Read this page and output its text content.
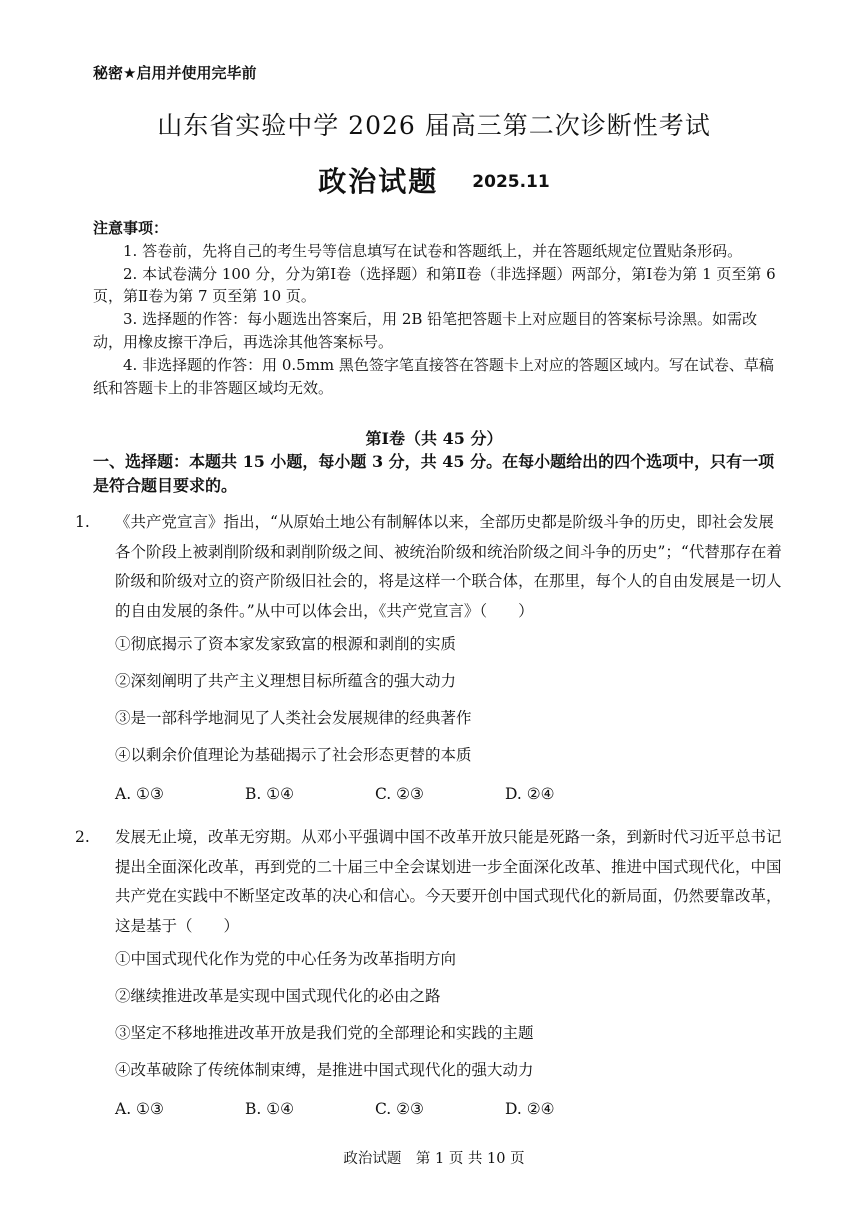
秘密★启用并使用完毕前
山东省实验中学 2026 届高三第二次诊断性考试
政治试题 2025.11
注意事项：

1. 答卷前，先将自己的考生号等信息填写在试卷和答题纸上，并在答题纸规定位置贴条形码。

2. 本试卷满分 100 分，分为第Ⅰ卷（选择题）和第Ⅱ卷（非选择题）两部分，第Ⅰ卷为第 1 页至第 6 页，第Ⅱ卷为第 7 页至第 10 页。

3. 选择题的作答：每小题选出答案后，用 2B 铅笔把答题卡上对应题目的答案标号涂黑。如需改动，用橡皮擦干净后，再选涂其他答案标号。

4. 非选择题的作答：用 0.5mm 黑色签字笔直接答在答题卡上对应的答题区域内。写在试卷、草稿纸和答题卡上的非答题区域均无效。

第Ⅰ卷（共 45 分）
一、选择题：本题共 15 小题，每小题 3 分，共 45 分。在每小题给出的四个选项中，只有一项是符合题目要求的。
1. 《共产党宣言》指出，“从原始土地公有制解体以来，全部历史都是阶级斗争的历史，即社会发展各个阶段上被剥削阶级和剥削阶级之间、被统治阶级和统治阶级之间斗争的历史”；“代替那存在着阶级和阶级对立的资产阶级旧社会的，将是这样一个联合体，在那里，每个人的自由发展是一切人的自由发展的条件。”从中可以体会出，《共产党宣言》（　　）
①彻底揭示了资本家发家致富的根源和剥削的实质
②深刻阐明了共产主义理想目标所蕴含的强大动力
③是一部科学地洞见了人类社会发展规律的经典著作
④以剩余价值理论为基础揭示了社会形态更替的本质
A. ①③	B. ①④	C. ②③	D. ②④
2. 发展无止境，改革无穷期。从邓小平强调中国不改革开放只能是死路一条，到新时代习近平总书记提出全面深化改革，再到党的二十届三中全会谋划进一步全面深化改革、推进中国式现代化，中国共产党在实践中不断坚定改革的决心和信心。今天要开创中国式现代化的新局面，仍然要靠改革，这是基于（　　）
①中国式现代化作为党的中心任务为改革指明方向
②继续推进改革是实现中国式现代化的必由之路
③坚定不移地推进改革开放是我们党的全部理论和实践的主题
④改革破除了传统体制束缚，是推进中国式现代化的强大动力
A. ①③	B. ①④	C. ②③	D. ②④
政治试题　第 1 页 共 10 页
